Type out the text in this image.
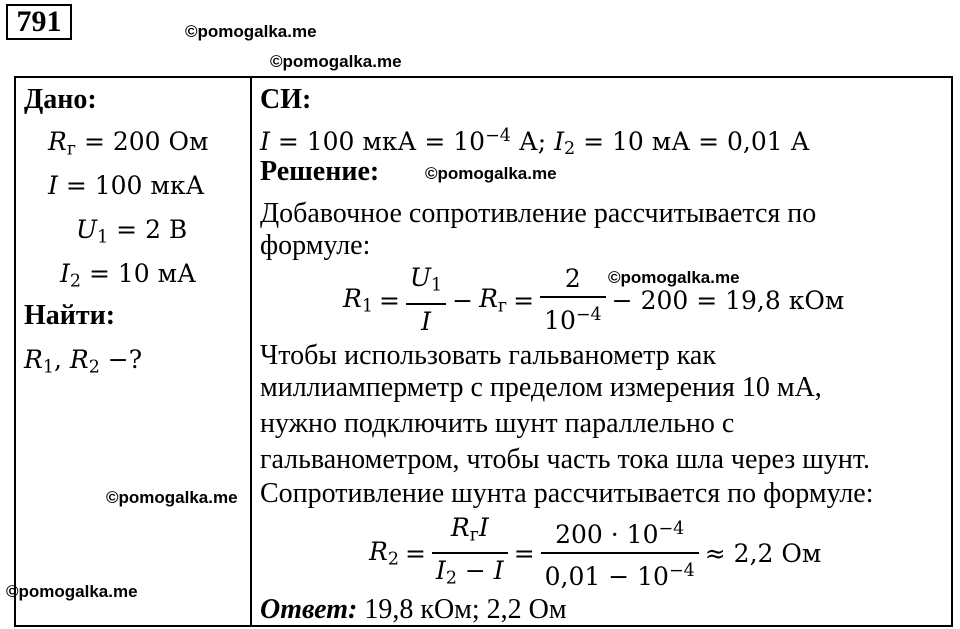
791	©pomogalka.me
©pomogalka.me
©pomogalka.me
©pomogalka.me
©pomogalka.me
©pomogalka.me
Дано:
$R_г = 200$ Ом
I = 100 мкА
$U_1 = 2$ В
$I_2 = 10$ мА
Найти:
$R_1$, $R_2$ −?
СИ:
I = 100 мкА = $10^{-4}$ А; $I_2 = 10$ мА = 0,01 А
Решение:
Добавочное сопротивление рассчитывается по
формуле:
$R_1 = \frac{U_1}{I} - R_г = \frac{2}{10^{-4}} - 200 = 19,8$ кОм
Чтобы использовать гальванометр как
миллиамперметр с пределом измерения 10 мА,
нужно подключить шунт параллельно с
гальванометром, чтобы часть тока шла через шунт.
Сопротивление шунта рассчитывается по формуле:
$R_2 = \frac{R_гI}{I_2 - I} = \frac{200 \cdot 10^{-4}}{0,01 - 10^{-4}} \approx 2,2$ Ом
Ответ: 19,8 кОм; 2,2 Ом
